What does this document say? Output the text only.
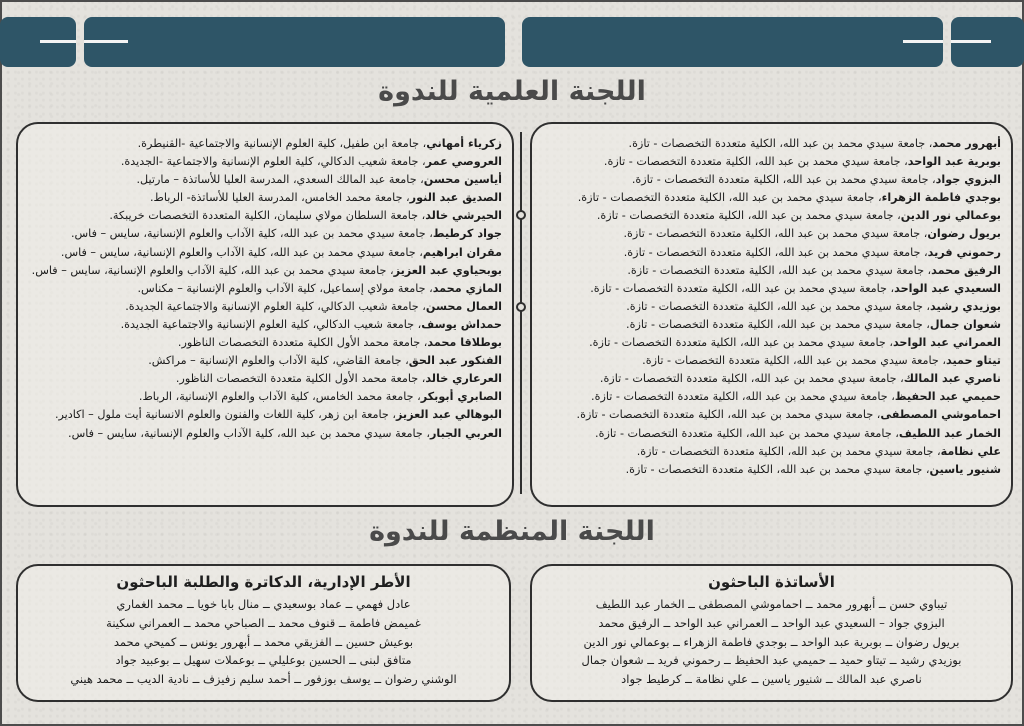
اللجنة العلمية للندوة
أبهرور محمد، جامعة سيدي محمد بن عبد الله، الكلية متعددة التخصصات - تازة.
بوبرية عبد الواحد، جامعة سيدي محمد بن عبد الله، الكلية متعددة التخصصات - تازة.
البزوي جواد، جامعة سيدي محمد بن عبد الله، الكلية متعددة التخصصات - تازة.
بوجدي فاطمة الزهراء، جامعة سيدي محمد بن عبد الله، الكلية متعددة التخصصات - تازة.
بوعمالي نور الدين، جامعة سيدي محمد بن عبد الله، الكلية متعددة التخصصات - تازة.
بريول رضوان، جامعة سيدي محمد بن عبد الله، الكلية متعددة التخصصات - تازة.
رحموني فريد، جامعة سيدي محمد بن عبد الله، الكلية متعددة التخصصات - تازة.
الرفيق محمد، جامعة سيدي محمد بن عبد الله، الكلية متعددة التخصصات - تازة.
السعيدي عبد الواحد، جامعة سيدي محمد بن عبد الله، الكلية متعددة التخصصات - تازة.
بوزيدي رشيد، جامعة سيدي محمد بن عبد الله، الكلية متعددة التخصصات - تازة.
شعوان جمال، جامعة سيدي محمد بن عبد الله، الكلية متعددة التخصصات - تازة.
العمراني عبد الواحد، جامعة سيدي محمد بن عبد الله، الكلية متعددة التخصصات - تازة.
تيتاو حميد، جامعة سيدي محمد بن عبد الله، الكلية متعددة التخصصات - تازة.
ناصري عبد المالك، جامعة سيدي محمد بن عبد الله، الكلية متعددة التخصصات - تازة.
حميمي عبد الحفيظ، جامعة سيدي محمد بن عبد الله، الكلية متعددة التخصصات - تازة.
احماموشي المصطفى، جامعة سيدي محمد بن عبد الله، الكلية متعددة التخصصات - تازة.
الخمار عبد اللطيف، جامعة سيدي محمد بن عبد الله، الكلية متعددة التخصصات - تازة.
علي نظامة، جامعة سيدي محمد بن عبد الله، الكلية متعددة التخصصات - تازة.
شنيور ياسين، جامعة سيدي محمد بن عبد الله، الكلية متعددة التخصصات - تازة.
زكرياء أمهاني، جامعة ابن طفيل، كلية العلوم الإنسانية والاجتماعية -القنيطرة.
العروصي عمر، جامعة شعيب الدكالي، كلية العلوم الإنسانية والاجتماعية -الجديدة.
أياسين محسن، جامعة عبد المالك السعدي، المدرسة العليا للأساتذة – مارتيل.
الصديق عبد النور، جامعة محمد الخامس، المدرسة العليا للأساتذة- الرباط.
الحيرشي خالد، جامعة السلطان مولاي سليمان، الكلية المتعددة التخصصات خريبكة.
جواد كرطيط، جامعة سيدي محمد بن عبد الله، كلية الآداب والعلوم الإنسانية، سايس – فاس.
مقران ابراهيم، جامعة سيدي محمد بن عبد الله، كلية الآداب والعلوم الإنسانية، سايس – فاس.
بوبحياوي عبد العزيز، جامعة سيدي محمد بن عبد الله، كلية الآداب والعلوم الإنسانية، سايس – فاس.
المازي محمد، جامعة مولاي إسماعيل، كلية الآداب والعلوم الإنسانية – مكناس.
العمال محسن، جامعة شعيب الدكالي، كلية العلوم الإنسانية والاجتماعية الجديدة.
حمداش يوسف، جامعة شعيب الدكالي، كلية العلوم الإنسانية والاجتماعية الجديدة.
بوطلاقا محمد، جامعة محمد الأول الكلية متعددة التخصصات الناظور.
الفنكور عبد الحق، جامعة القاضي، كلية الآداب والعلوم الإنسانية – مراكش.
العرعاري خالد، جامعة محمد الأول الكلية متعددة التخصصات الناظور.
الصابري أبوبكر، جامعة محمد الخامس، كلية الآداب والعلوم الإنسانية، الرباط.
البوهالي عبد العزيز، جامعة ابن زهر، كلية اللغات والفنون والعلوم الانسانية أيت ملول – اكادير.
العربي الجبار، جامعة سيدي محمد بن عبد الله، كلية الآداب والعلوم الإنسانية، سايس – فاس.
اللجنة المنظمة للندوة
الأساتذة الباحثون
تيباوي حسن ــ أبهرور محمد ــ احماموشي المصطفى ــ الخمار عبد اللطيف
البزوي جواد – السعيدي عبد الواحد ــ العمراني عبد الواحد ــ الرفيق محمد
بريول رضوان ــ بوبرية عبد الواحد ــ بوجدي فاطمة الزهراء ــ بوعمالي نور الدين
بوزيدي رشيد ــ تيتاو حميد ــ حميمي عبد الحفيظ ــ رحموني فريد ــ شعوان جمال
ناصري عبد المالك ــ شنيور ياسين ــ علي نظامة ــ كرطيط جواد
الأطر الإدارية، الدكاترة والطلبة الباحثون
عادل فهمي ــ عماد بوسعيدي ــ منال بابا خويا ــ محمد الغماري
غميمض فاطمة ــ قنوف محمد ــ الصباحي محمد ــ العمراني سكينة
بوعيش حسين ــ الفزيقي محمد ــ أبهرور يونس ــ كميحي محمد
متافق لبنى ــ الحسين بوعليلي ــ بوعملات سهيل ــ بوعبيد جواد
الوشني رضوان ــ يوسف بوزفور ــ أحمد سليم زفيزف ــ نادية الديب ــ محمد هيني
